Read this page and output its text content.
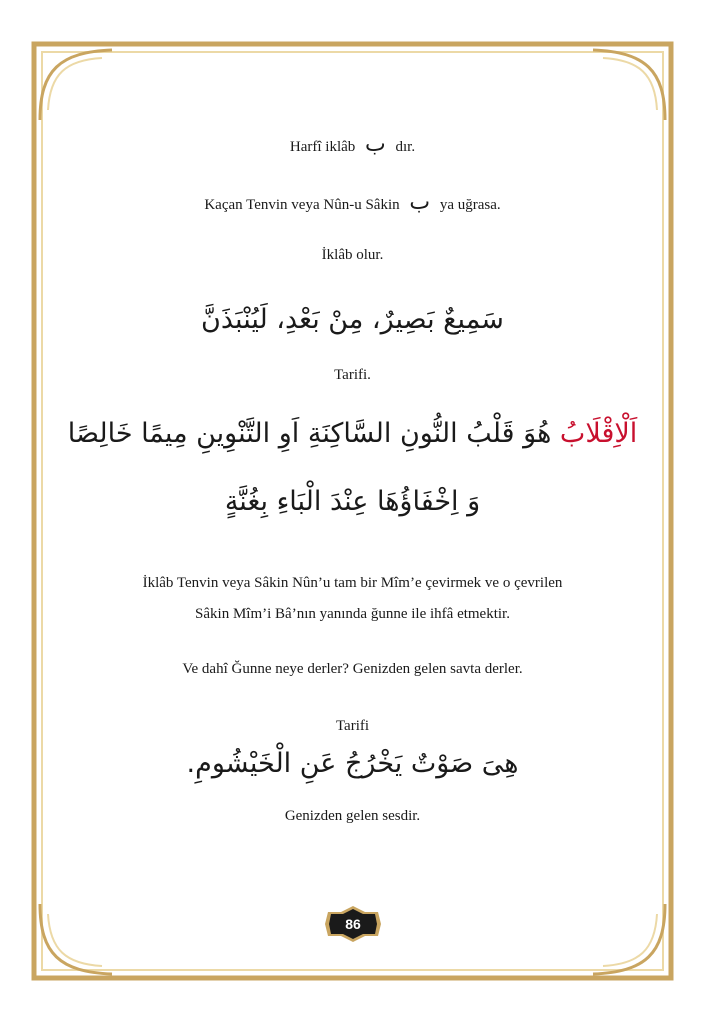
Harfî iklâb ب dır.
Kaçan Tenvin veya Nûn-u Sâkin ب ya uğrasa.
İklâb olur.
سَمِيعٌ بَصِيرٌ، مِنْ بَعْدِ، لَيُنْبَذَنَّ
Tarifi.
اَلْاِقْلَابُ هُوَ قَلْبُ النُّونِ السَّاكِنَةِ اَوِ التَّنْوِينِ مِيمًا خَالِصًا
وَ اِخْفَاؤُهَا عِنْدَ الْبَاءِ بِغُنَّةٍ
İklâb Tenvin veya Sâkin Nûn’u tam bir Mîm’e çevirmek ve o çevrilen
Sâkin Mîm’i Bâ’nın yanında ğunne ile ihfâ etmektir.
Ve dahî Ğunne neye derler? Genizden gelen savta derler.
Tarifi
هِىَ صَوْتٌ يَخْرُجُ عَنِ الْخَيْشُومِ.
Genizden gelen sesdir.
86
